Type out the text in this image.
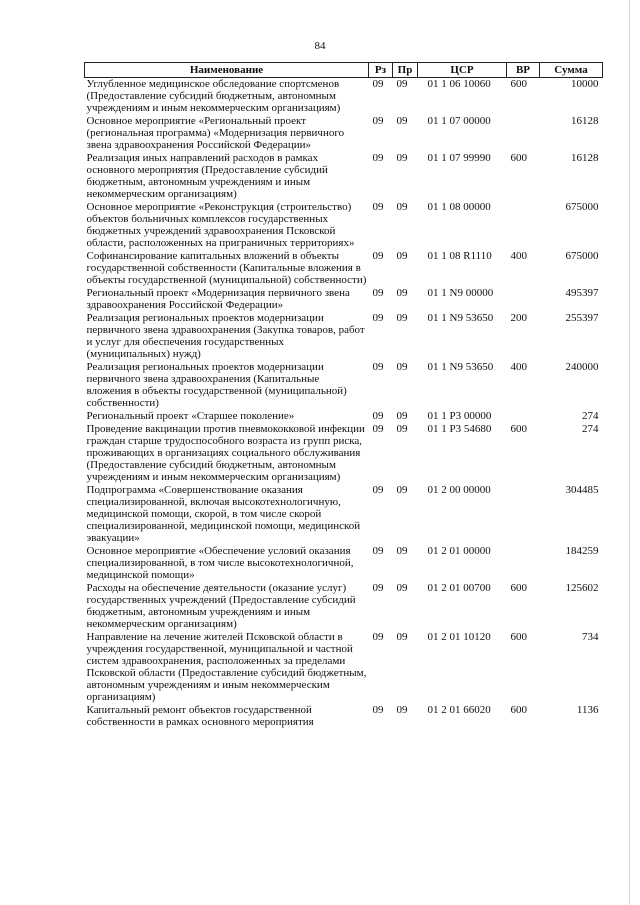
84
Наименование	Рз	Пр	ЦСР	ВР	Сумма
Углубленное медицинское обследование спортсменов (Предоставление субсидий бюджетным, автономным учреждениям и иным некоммерческим организациям)	09	09	01 1 06 10060	600	10000
Основное мероприятие «Региональный проект (региональная программа) «Модернизация первичного звена здравоохранения Российской Федерации»	09	09	01 1 07 00000		16128
Реализация иных направлений расходов в рамках основного мероприятия (Предоставление субсидий бюджетным, автономным учреждениям и иным некоммерческим организациям)	09	09	01 1 07 99990	600	16128
Основное мероприятие «Реконструкция (строительство) объектов больничных комплексов государственных бюджетных учреждений здравоохранения Псковской области, расположенных на приграничных территориях»	09	09	01 1 08 00000		675000
Софинансирование капитальных вложений в объекты государственной собственности (Капитальные вложения в объекты государственной (муниципальной) собственности)	09	09	01 1 08 R1110	400	675000
Региональный проект «Модернизация первичного звена здравоохранения Российской Федерации»	09	09	01 1 N9 00000		495397
Реализация региональных проектов модернизации первичного звена здравоохранения (Закупка товаров, работ и услуг для обеспечения государственных (муниципальных) нужд)	09	09	01 1 N9 53650	200	255397
Реализация региональных проектов модернизации первичного звена здравоохранения (Капитальные вложения в объекты государственной (муниципальной) собственности)	09	09	01 1 N9 53650	400	240000
Региональный проект «Старшее поколение»	09	09	01 1 P3 00000		274
Проведение вакцинации против пневмококковой инфекции граждан старше трудоспособного возраста из групп риска, проживающих в организациях социального обслуживания (Предоставление субсидий бюджетным, автономным учреждениям и иным некоммерческим организациям)	09	09	01 1 P3 54680	600	274
Подпрограмма «Совершенствование оказания специализированной, включая высокотехнологичную, медицинской помощи, скорой, в том числе скорой специализированной, медицинской помощи, медицинской эвакуации»	09	09	01 2 00 00000		304485
Основное мероприятие «Обеспечение условий оказания специализированной, в том числе высокотехнологичной, медицинской помощи»	09	09	01 2 01 00000		184259
Расходы на обеспечение деятельности (оказание услуг) государственных учреждений (Предоставление субсидий бюджетным, автономным учреждениям и иным некоммерческим организациям)	09	09	01 2 01 00700	600	125602
Направление на лечение жителей Псковской области в учреждения государственной, муниципальной и частной систем здравоохранения, расположенных за пределами Псковской области (Предоставление субсидий бюджетным, автономным учреждениям и иным некоммерческим организациям)	09	09	01 2 01 10120	600	734
Капитальный ремонт объектов государственной собственности в рамках основного мероприятия	09	09	01 2 01 66020	600	1136
